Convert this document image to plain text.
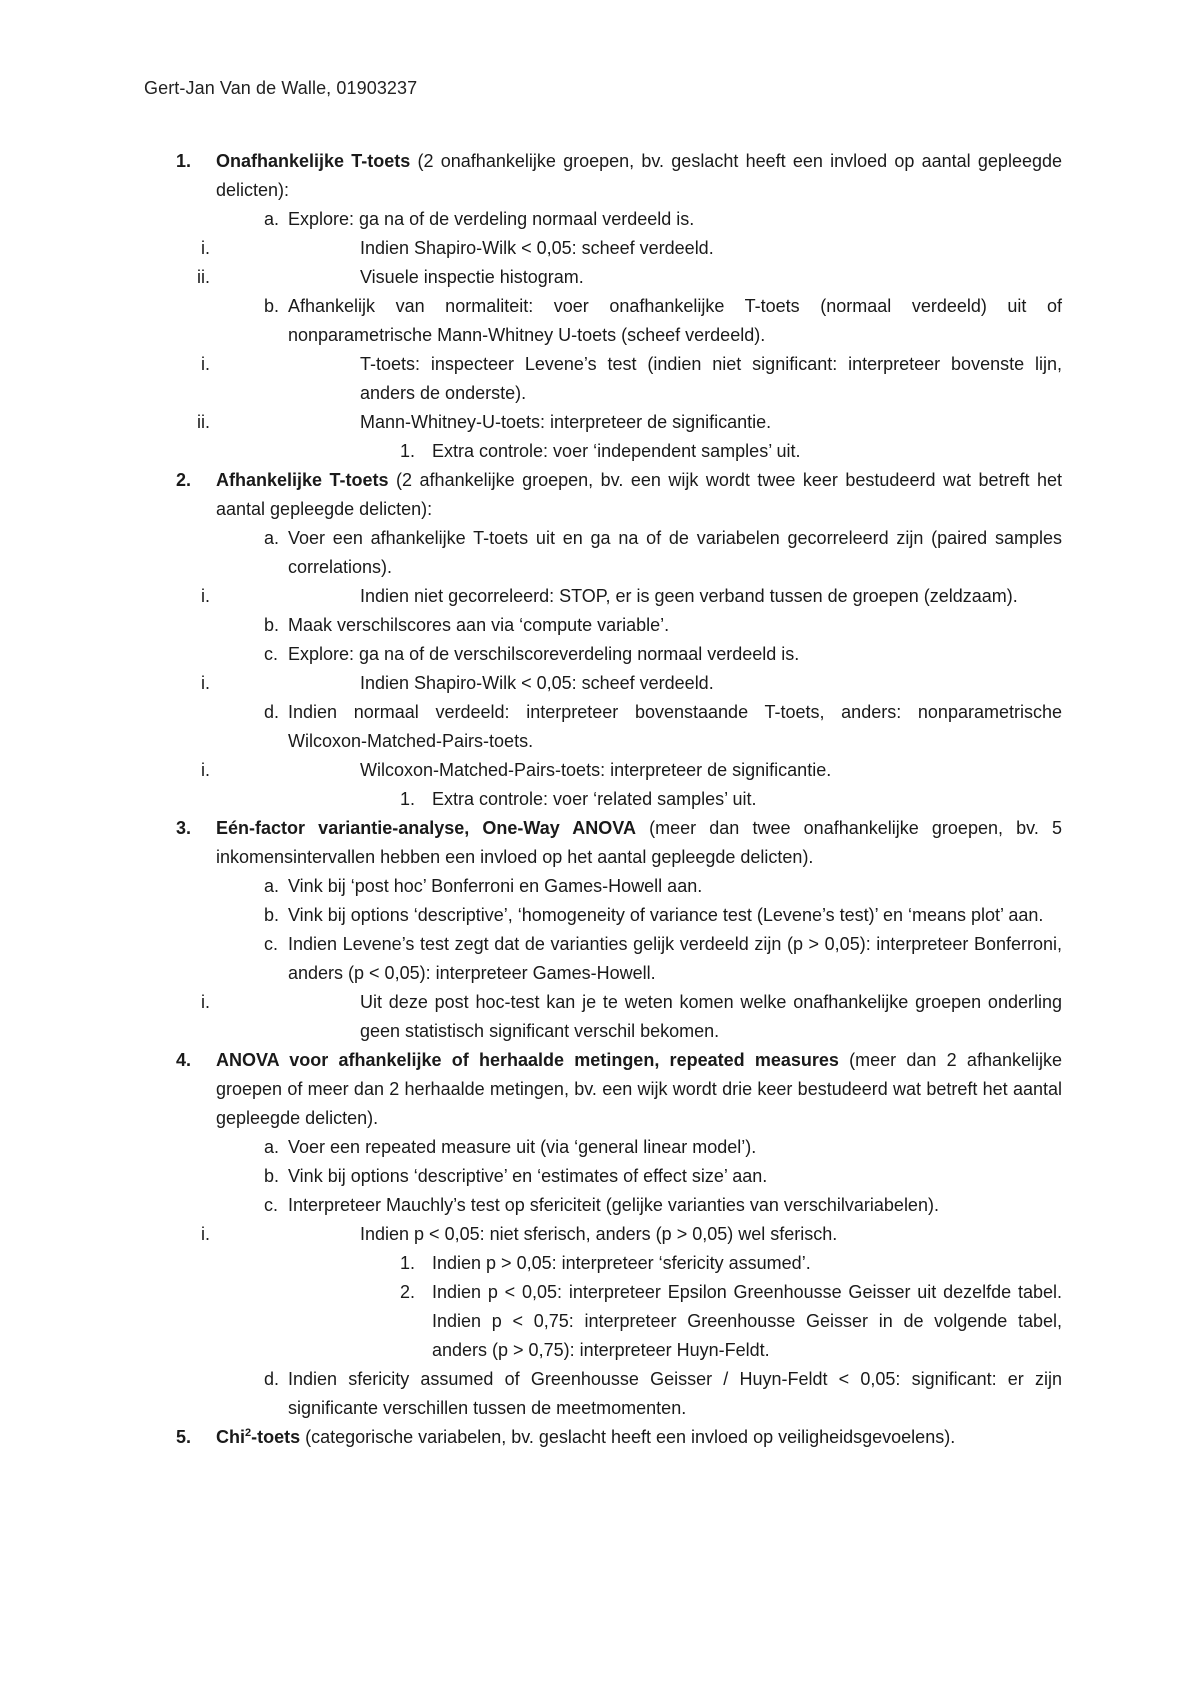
Gert-Jan Van de Walle, 01903237
1. Onafhankelijke T-toets (2 onafhankelijke groepen, bv. geslacht heeft een invloed op aantal gepleegde delicten):
a. Explore: ga na of de verdeling normaal verdeeld is.
i.	Indien Shapiro-Wilk < 0,05: scheef verdeeld.
ii.	Visuele inspectie histogram.
b. Afhankelijk van normaliteit: voer onafhankelijke T-toets (normaal verdeeld) uit of nonparametrische Mann-Whitney U-toets (scheef verdeeld).
i.	T-toets: inspecteer Levene’s test (indien niet significant: interpreteer bovenste lijn, anders de onderste).
ii.	Mann-Whitney-U-toets: interpreteer de significantie.
1. Extra controle: voer ‘independent samples’ uit.
2. Afhankelijke T-toets (2 afhankelijke groepen, bv. een wijk wordt twee keer bestudeerd wat betreft het aantal gepleegde delicten):
a. Voer een afhankelijke T-toets uit en ga na of de variabelen gecorreleerd zijn (paired samples correlations).
i.	Indien niet gecorreleerd: STOP, er is geen verband tussen de groepen (zeldzaam).
b. Maak verschilscores aan via ‘compute variable’.
c. Explore: ga na of de verschilscoreverdeling normaal verdeeld is.
i.	Indien Shapiro-Wilk < 0,05: scheef verdeeld.
d. Indien normaal verdeeld: interpreteer bovenstaande T-toets, anders: nonparametrische Wilcoxon-Matched-Pairs-toets.
i.	Wilcoxon-Matched-Pairs-toets: interpreteer de significantie.
1. Extra controle: voer ‘related samples’ uit.
3. Eén-factor variantie-analyse, One-Way ANOVA (meer dan twee onafhankelijke groepen, bv. 5 inkomensintervallen hebben een invloed op het aantal gepleegde delicten).
a. Vink bij ‘post hoc’ Bonferroni en Games-Howell aan.
b. Vink bij options ‘descriptive’, ‘homogeneity of variance test (Levene’s test)’ en ‘means plot’ aan.
c. Indien Levene’s test zegt dat de varianties gelijk verdeeld zijn (p > 0,05): interpreteer Bonferroni, anders (p < 0,05): interpreteer Games-Howell.
i.	Uit deze post hoc-test kan je te weten komen welke onafhankelijke groepen onderling geen statistisch significant verschil bekomen.
4. ANOVA voor afhankelijke of herhaalde metingen, repeated measures (meer dan 2 afhankelijke groepen of meer dan 2 herhaalde metingen, bv. een wijk wordt drie keer bestudeerd wat betreft het aantal gepleegde delicten).
a. Voer een repeated measure uit (via ‘general linear model’).
b. Vink bij options ‘descriptive’ en ‘estimates of effect size’ aan.
c. Interpreteer Mauchly’s test op sfericiteit (gelijke varianties van verschilvariabelen).
i.	Indien p < 0,05: niet sferisch, anders (p > 0,05) wel sferisch.
1. Indien p > 0,05: interpreteer ‘sfericity assumed’.
2. Indien p < 0,05: interpreteer Epsilon Greenhousse Geisser uit dezelfde tabel. Indien p < 0,75: interpreteer Greenhousse Geisser in de volgende tabel, anders (p > 0,75): interpreteer Huyn-Feldt.
d. Indien sfericity assumed of Greenhousse Geisser / Huyn-Feldt < 0,05: significant: er zijn significante verschillen tussen de meetmomenten.
5. Chi$^2$-toets (categorische variabelen, bv. geslacht heeft een invloed op veiligheidsgevoelens).
